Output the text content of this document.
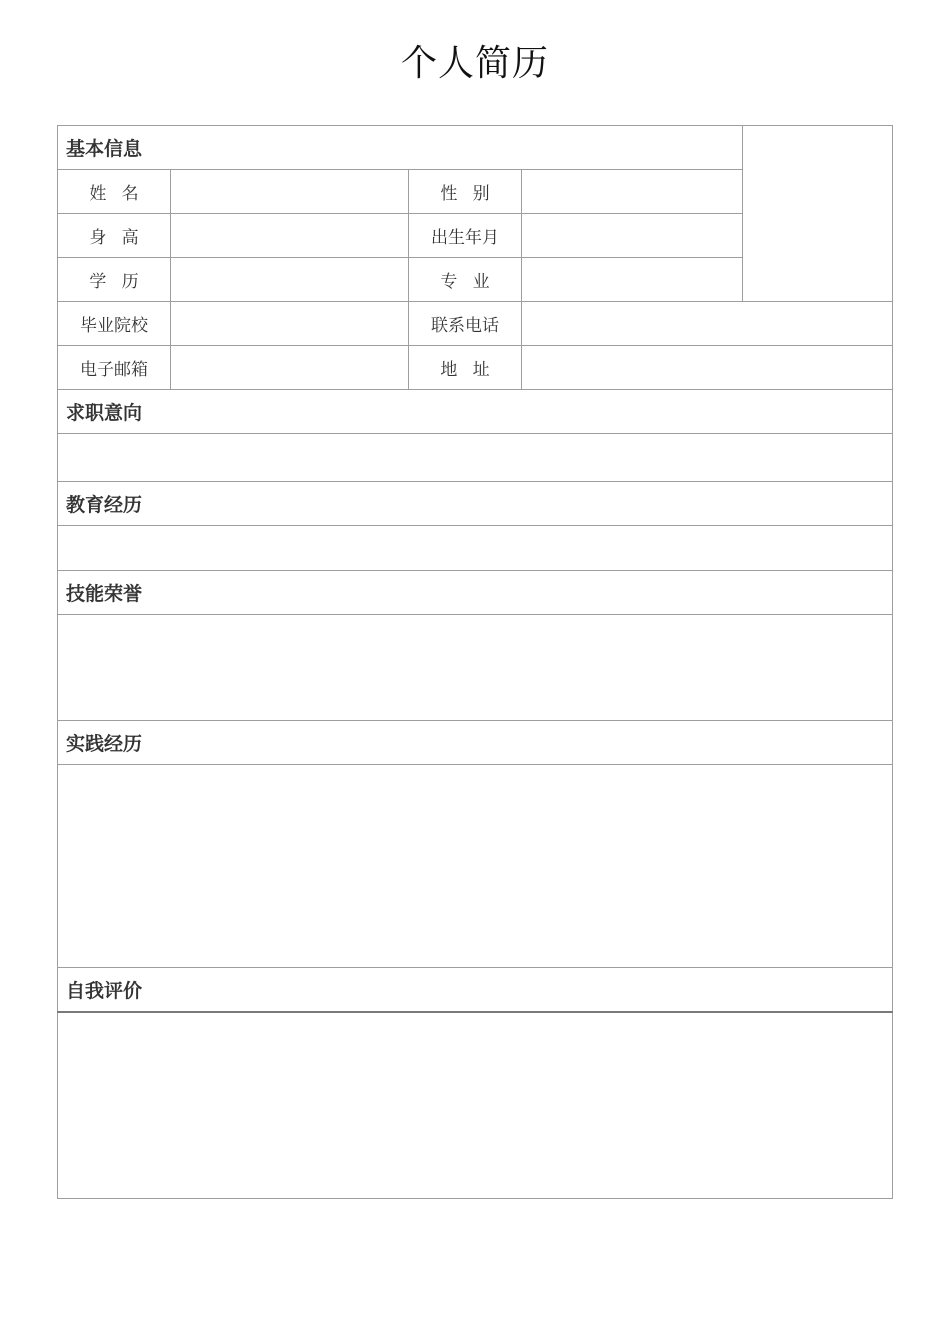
个人简历
基本信息				
姓名		性别		
身高		出生年月		
学历		专业		
毕业院校		联系电话		
电子邮箱		地址		
求职意向				

教育经历				

技能荣誉				

实践经历				

自我评价				
